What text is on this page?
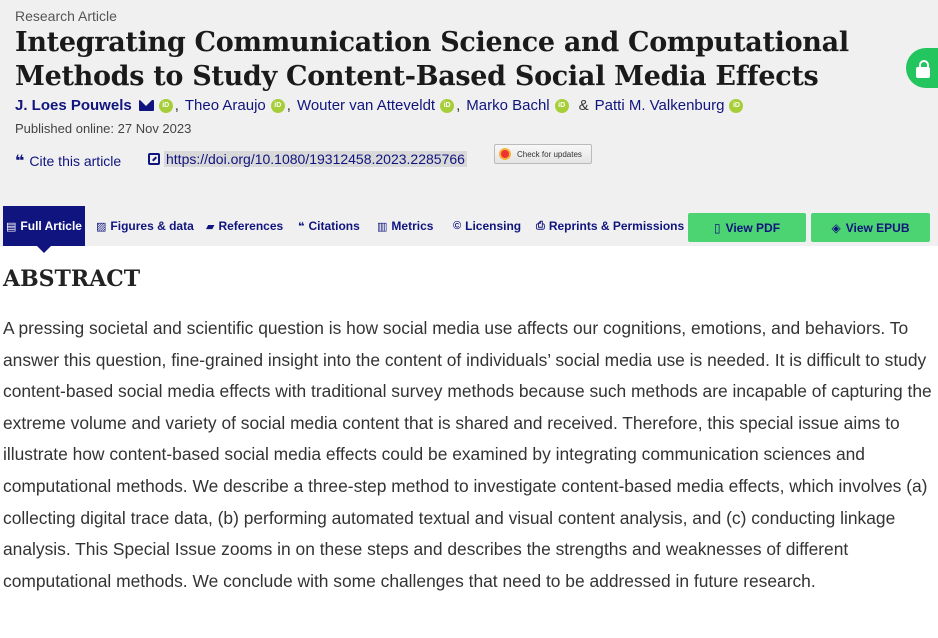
Research Article
Integrating Communication Science and Computational Methods to Study Content-Based Social Media Effects
J. Loes Pouwels	iD , Theo Araujo	iD , Wouter van Atteveldt	iD , Marko Bachl	iD & Patti M. Valkenburg	iD
Published online: 27 Nov 2023
❝ Cite this article	https://doi.org/10.1080/19312458.2023.2285766	Check for updates
▤ Full Article ▨ Figures & data ▰ References ❝ Citations ▥ Metrics © Licensing ⎙ Reprints & Permissions ▯ View PDF	◈ View EPUB
ABSTRACT

A pressing societal and scientific question is how social media use affects our cognitions, emotions, and behaviors. To answer this question, fine-grained insight into the content of individuals’ social media use is needed. It is difficult to study content-based social media effects with traditional survey methods because such methods are incapable of capturing the extreme volume and variety of social media content that is shared and received. Therefore, this special issue aims to illustrate how content-based social media effects could be examined by integrating communication sciences and computational methods. We describe a three-step method to investigate content-based media effects, which involves (a) collecting digital trace data, (b) performing automated textual and visual content analysis, and (c) conducting linkage analysis. This Special Issue zooms in on these steps and describes the strengths and weaknesses of different computational methods. We conclude with some challenges that need to be addressed in future research.
